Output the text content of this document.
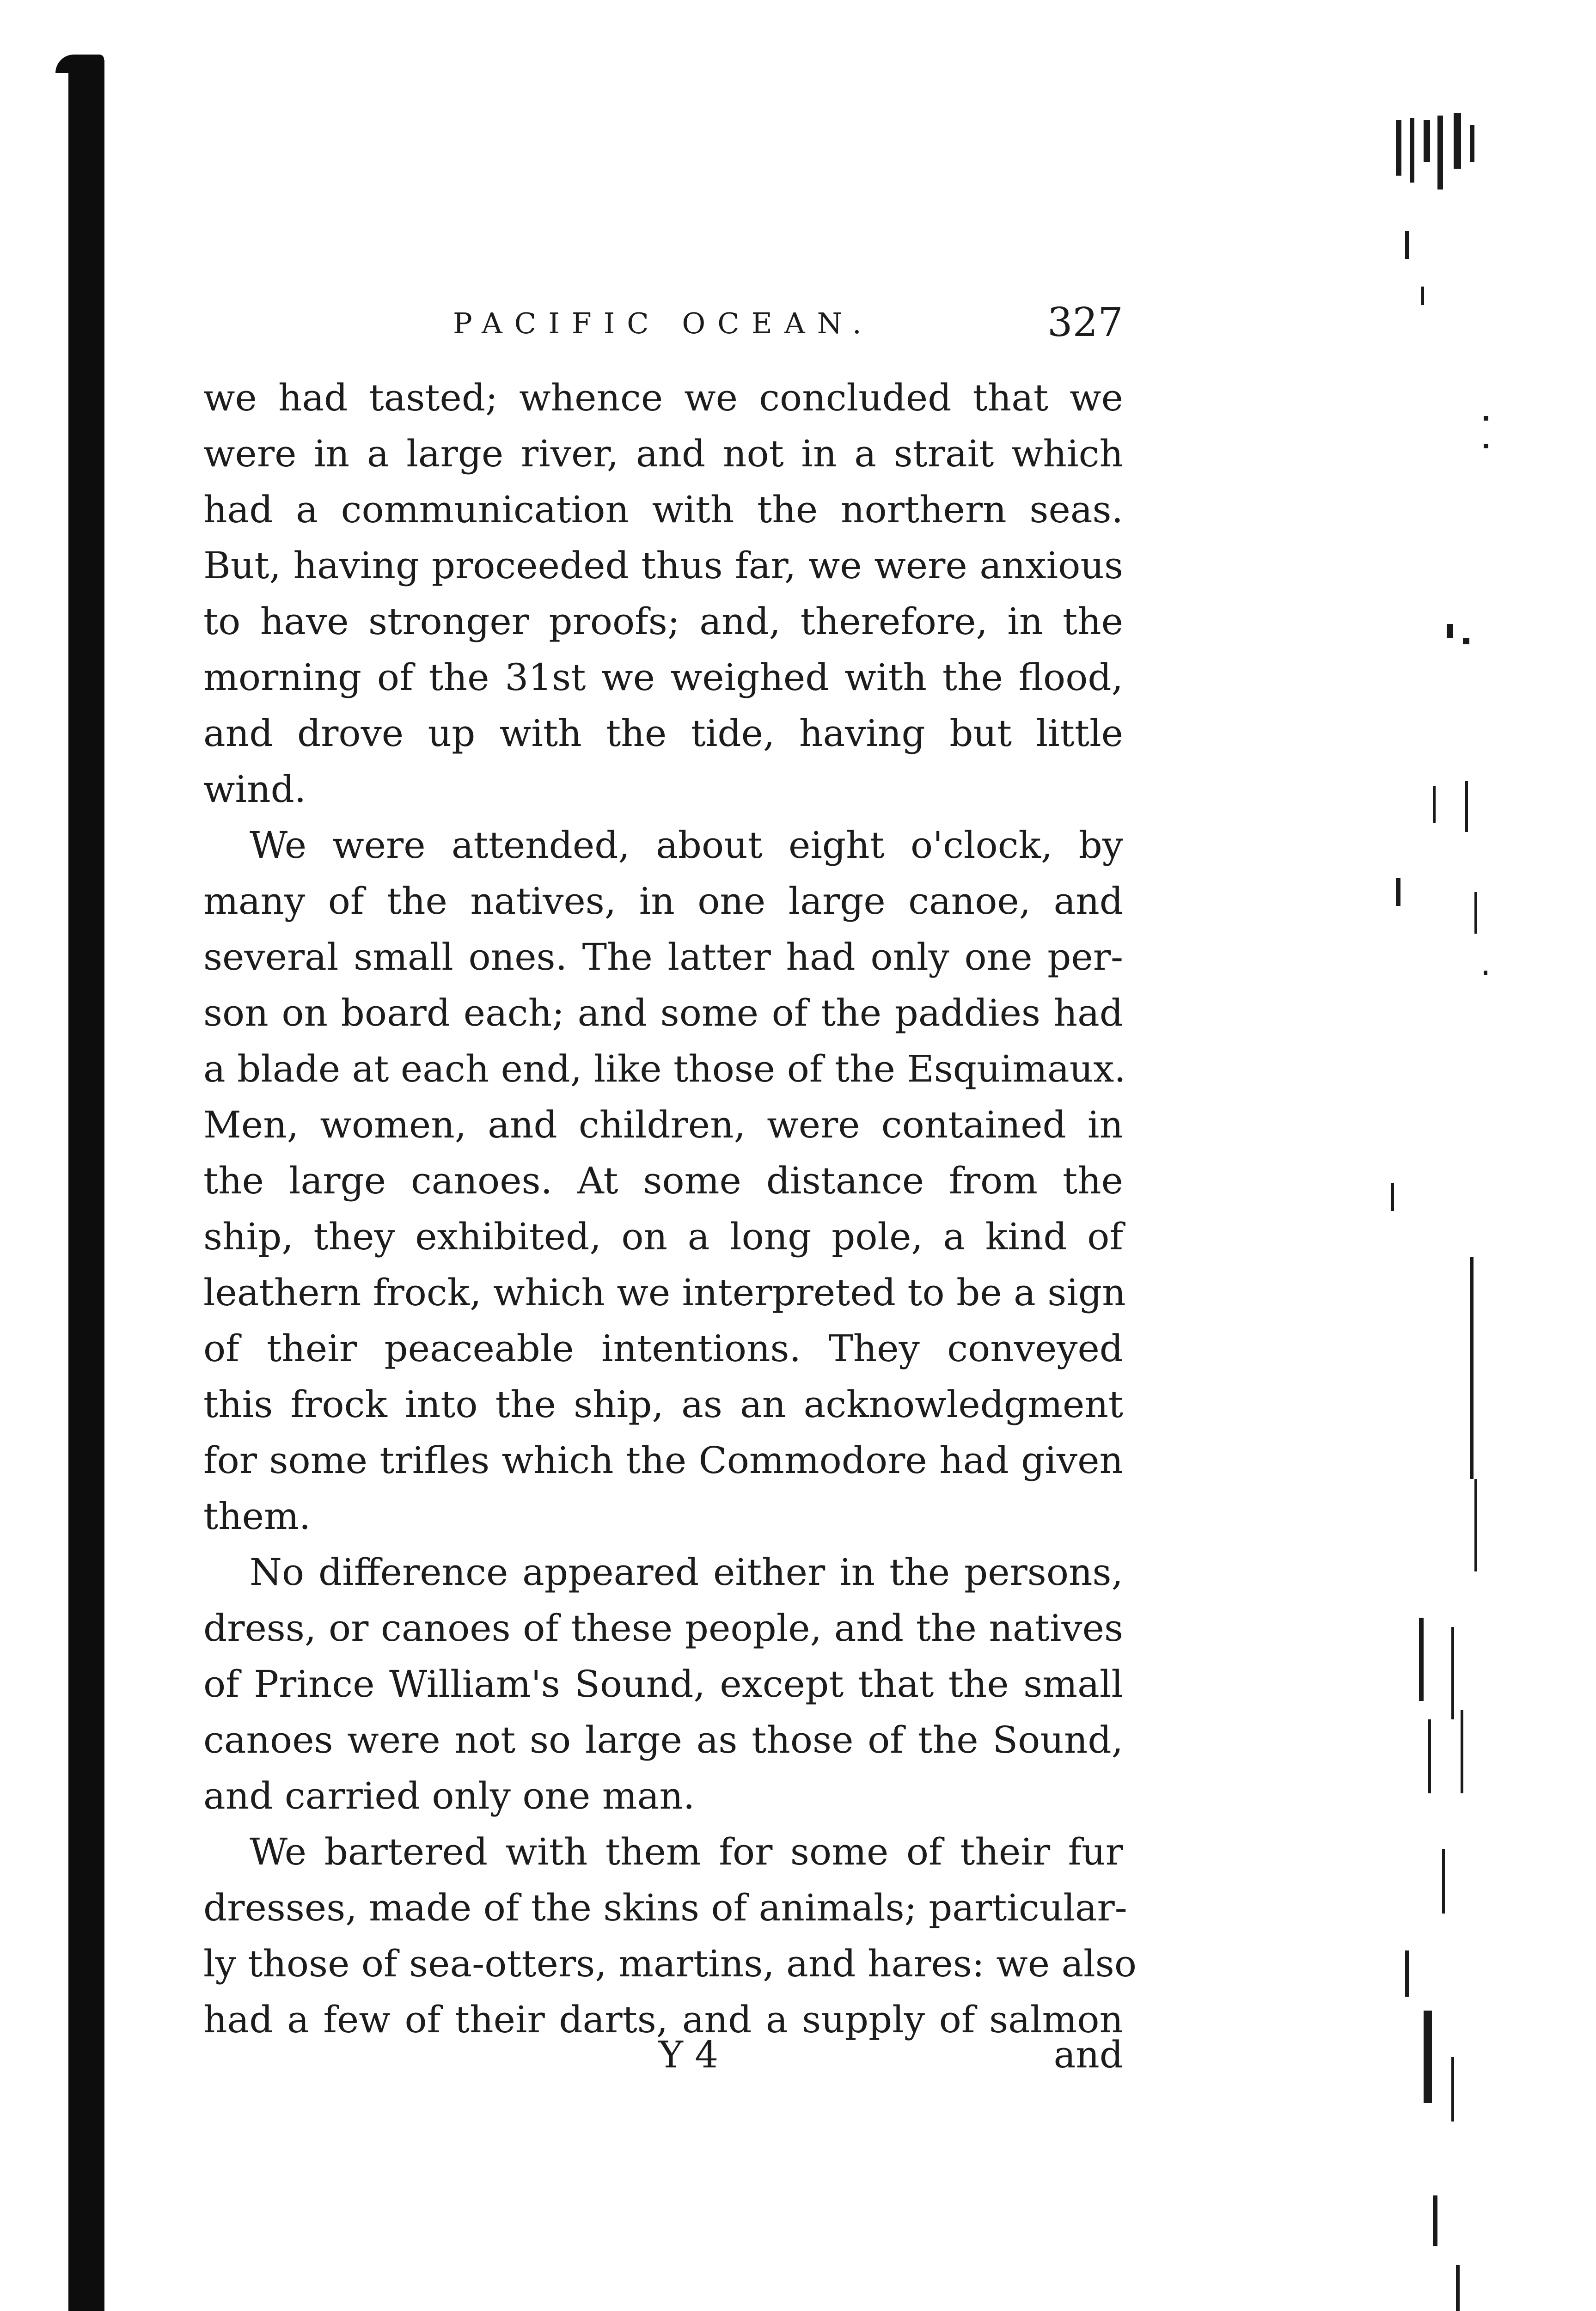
PACIFIC OCEAN.	327
we had tasted; whence we concluded that we
were in a large river, and not in a strait which
had a communication with the northern seas.
But, having proceeded thus far, we were anxious
to have stronger proofs; and, therefore, in the
morning of the 31st we weighed with the flood,
and drove up with the tide, having but little
wind.
We were attended, about eight o'clock, by
many of the natives, in one large canoe, and
several small ones. The latter had only one per-
son on board each; and some of the paddies had
a blade at each end, like those of the Esquimaux.
Men, women, and children, were contained in
the large canoes. At some distance from the
ship, they exhibited, on a long pole, a kind of
leathern frock, which we interpreted to be a sign
of their peaceable intentions. They conveyed
this frock into the ship, as an acknowledgment
for some trifles which the Commodore had given
them.
No difference appeared either in the persons,
dress, or canoes of these people, and the natives
of Prince William's Sound, except that the small
canoes were not so large as those of the Sound,
and carried only one man.
We bartered with them for some of their fur
dresses, made of the skins of animals; particular-
ly those of sea-otters, martins, and hares: we also
had a few of their darts, and a supply of salmon
Y 4	and
